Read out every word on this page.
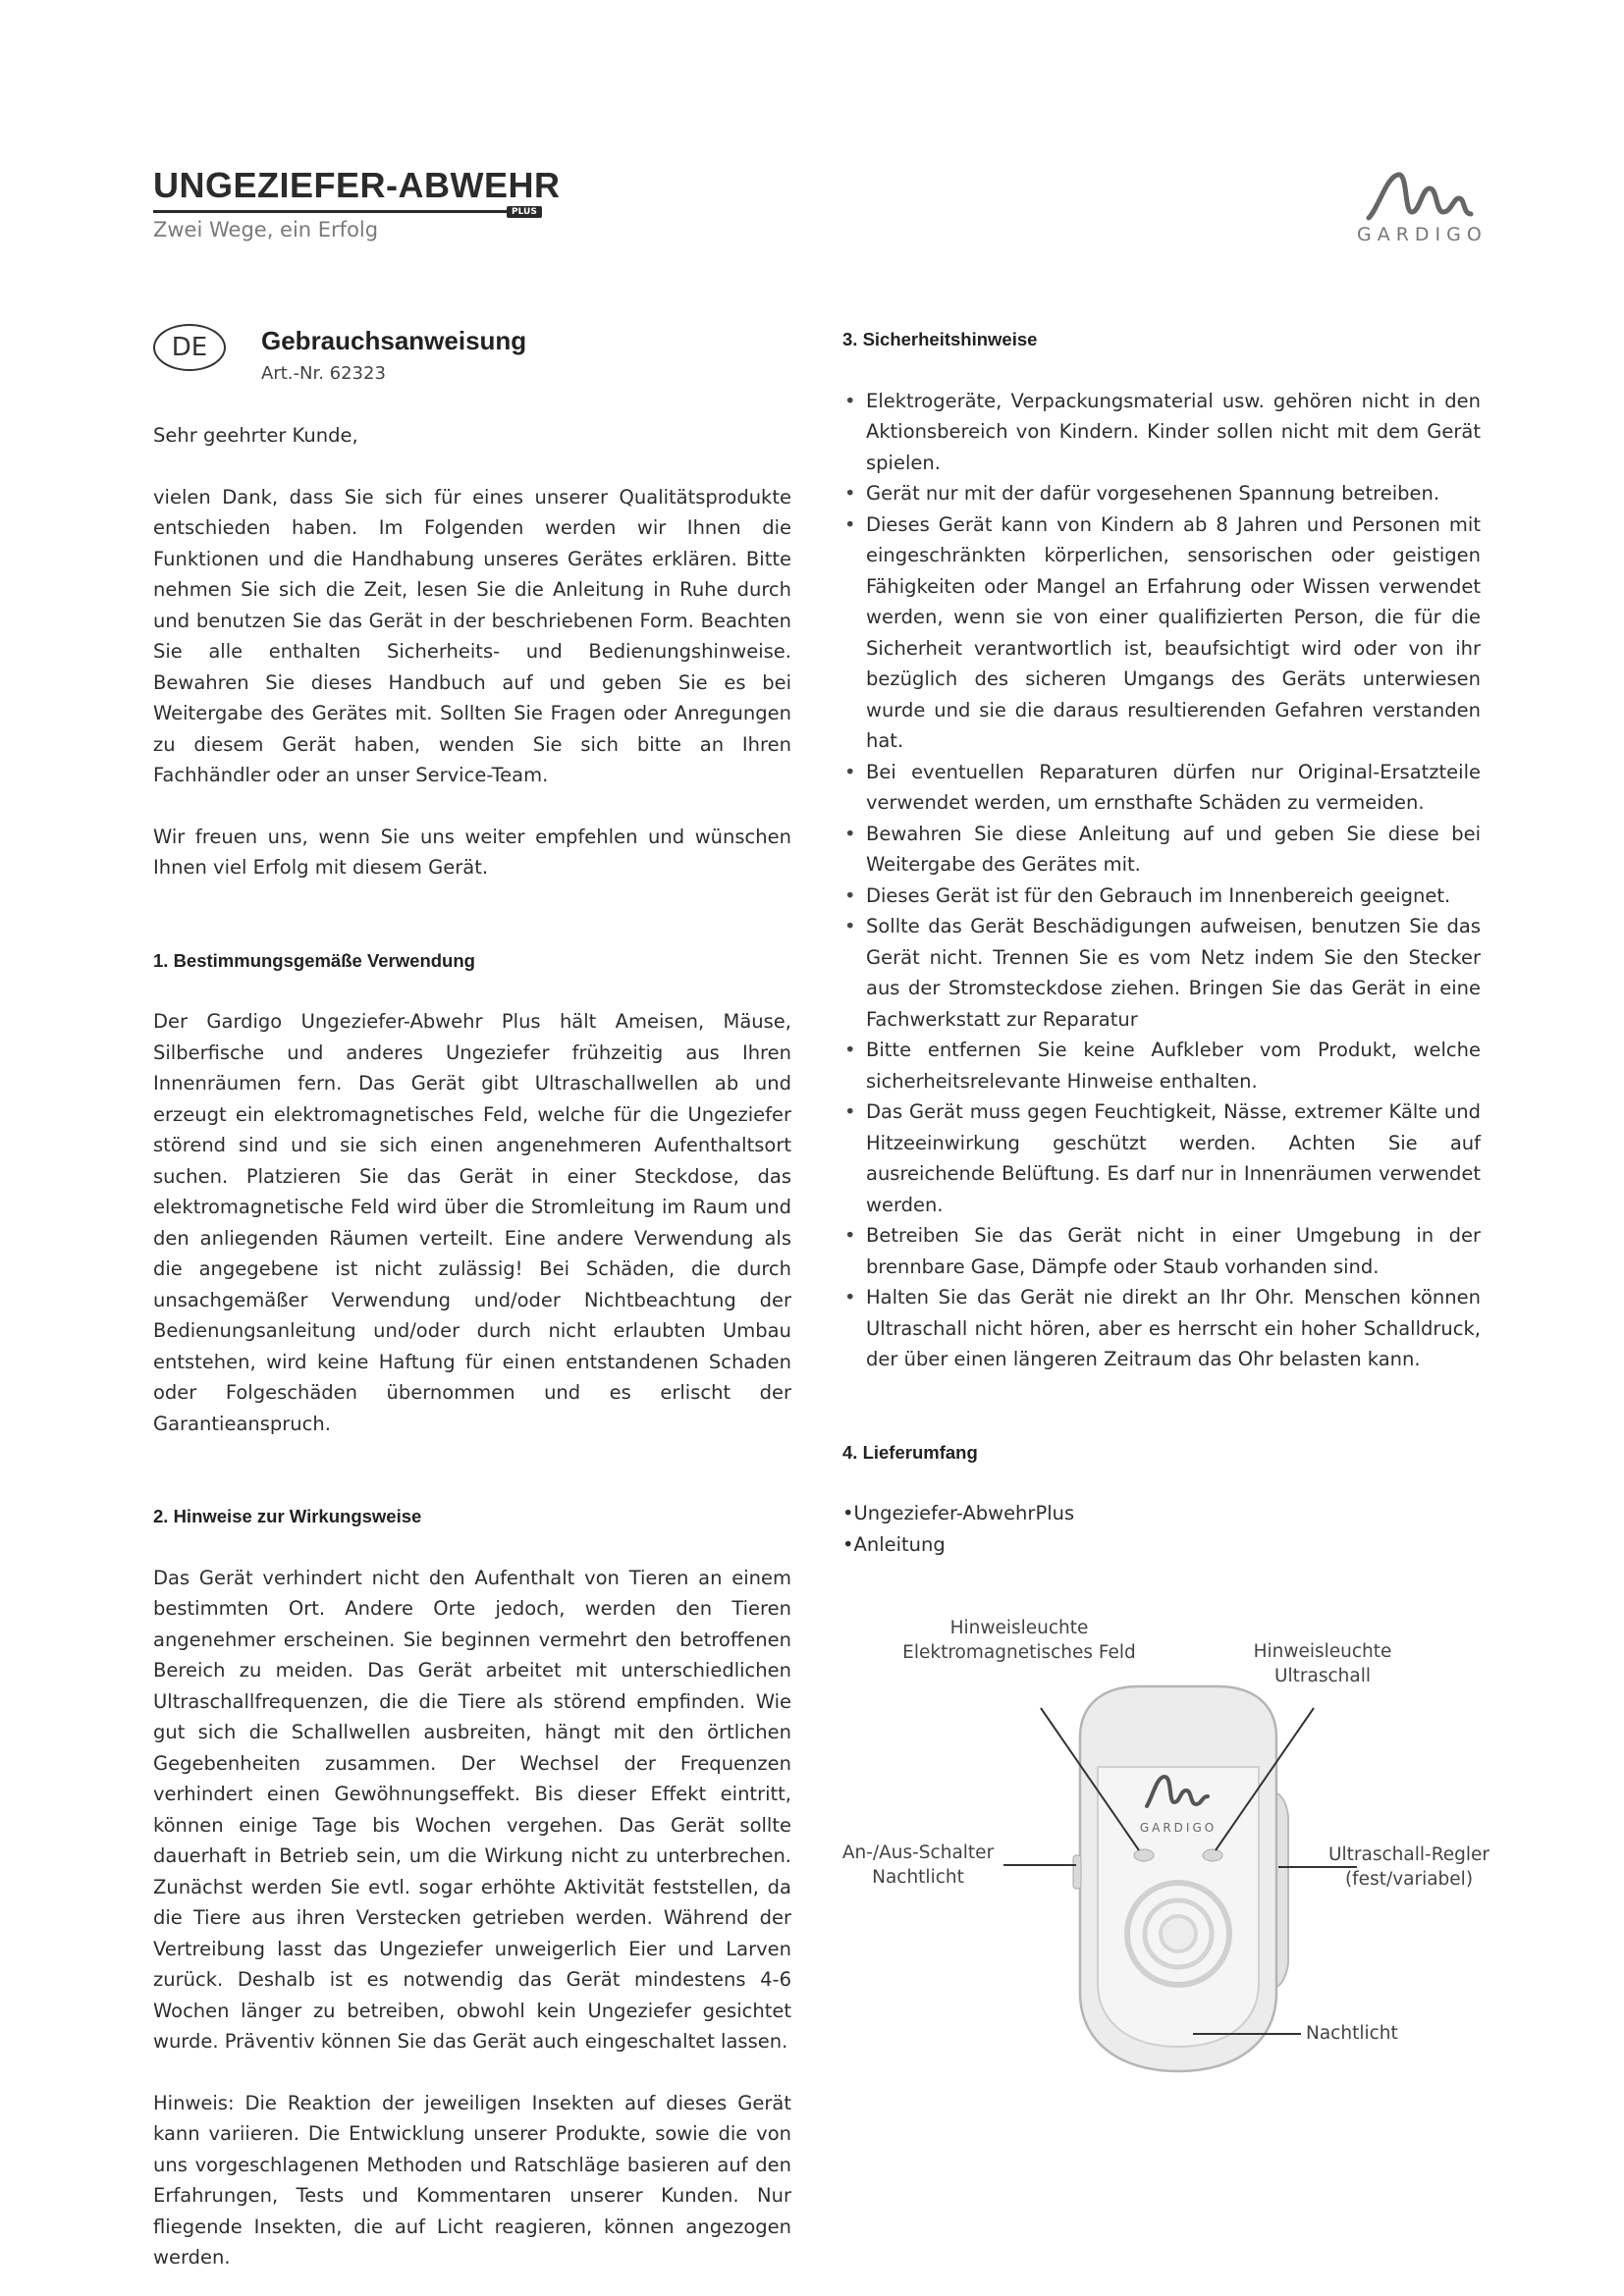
UNGEZIEFER-ABWEHR
PLUS
Zwei Wege, ein Erfolg	GARDIGO
DE	Gebrauchsanweisung
Art.-Nr. 62323

Sehr geehrter Kunde,

vielen Dank, dass Sie sich für eines unserer Qualitätsprodukte entschieden haben. Im Folgenden werden wir Ihnen die Funktionen und die Handhabung unseres Gerätes erklären. Bitte nehmen Sie sich die Zeit, lesen Sie die Anleitung in Ruhe durch und benutzen Sie das Gerät in der beschriebenen Form. Beachten Sie alle enthalten Sicherheits- und Bedienungshinweise. Bewahren Sie dieses Handbuch auf und geben Sie es bei Weitergabe des Gerätes mit. Sollten Sie Fragen oder Anregungen zu diesem Gerät haben, wenden Sie sich bitte an Ihren Fachhändler oder an unser Service-Team.

Wir freuen uns, wenn Sie uns weiter empfehlen und wünschen Ihnen viel Erfolg mit diesem Gerät.

1. Bestimmungsgemäße Verwendung

Der Gardigo Ungeziefer-Abwehr Plus hält Ameisen, Mäuse, Silberfische und anderes Ungeziefer frühzeitig aus Ihren Innenräumen fern. Das Gerät gibt Ultraschallwellen ab und erzeugt ein elektromagnetisches Feld, welche für die Ungeziefer störend sind und sie sich einen angenehmeren Aufenthaltsort suchen. Platzieren Sie das Gerät in einer Steckdose, das elektromagnetische Feld wird über die Stromleitung im Raum und den anliegenden Räumen verteilt. Eine andere Verwendung als die angegebene ist nicht zulässig! Bei Schäden, die durch unsachgemäßer Verwendung und/oder Nichtbeachtung der Bedienungsanleitung und/oder durch nicht erlaubten Umbau entstehen, wird keine Haftung für einen entstandenen Schaden oder Folgeschäden übernommen und es erlischt der Garantieanspruch.

2. Hinweise zur Wirkungsweise

Das Gerät verhindert nicht den Aufenthalt von Tieren an einem bestimmten Ort. Andere Orte jedoch, werden den Tieren angenehmer erscheinen. Sie beginnen vermehrt den betroffenen Bereich zu meiden. Das Gerät arbeitet mit unterschiedlichen Ultraschallfrequenzen, die die Tiere als störend empfinden. Wie gut sich die Schallwellen ausbreiten, hängt mit den örtlichen Gegebenheiten zusammen. Der Wechsel der Frequenzen verhindert einen Gewöhnungseffekt. Bis dieser Effekt eintritt, können einige Tage bis Wochen vergehen. Das Gerät sollte dauerhaft in Betrieb sein, um die Wirkung nicht zu unterbrechen. Zunächst werden Sie evtl. sogar erhöhte Aktivität feststellen, da die Tiere aus ihren Verstecken getrieben werden. Während der Vertreibung lasst das Ungeziefer unweigerlich Eier und Larven zurück. Deshalb ist es notwendig das Gerät mindestens 4-6 Wochen länger zu betreiben, obwohl kein Ungeziefer gesichtet wurde. Präventiv können Sie das Gerät auch eingeschaltet lassen.

Hinweis: Die Reaktion der jeweiligen Insekten auf dieses Gerät kann variieren. Die Entwicklung unserer Produkte, sowie die von uns vorgeschlagenen Methoden und Ratschläge basieren auf den Erfahrungen, Tests und Kommentaren unserer Kunden. Nur fliegende Insekten, die auf Licht reagieren, können angezogen werden.

3. Sicherheitshinweise
• Elektrogeräte, Verpackungsmaterial usw. gehören nicht in den Aktionsbereich von Kindern. Kinder sollen nicht mit dem Gerät spielen.
• Gerät nur mit der dafür vorgesehenen Spannung betreiben.
• Dieses Gerät kann von Kindern ab 8 Jahren und Personen mit eingeschränkten körperlichen, sensorischen oder geistigen Fähigkeiten oder Mangel an Erfahrung oder Wissen verwendet werden, wenn sie von einer qualifizierten Person, die für die Sicherheit verantwortlich ist, beaufsichtigt wird oder von ihr bezüglich des sicheren Umgangs des Geräts unterwiesen wurde und sie die daraus resultierenden Gefahren verstanden hat.
• Bei eventuellen Reparaturen dürfen nur Original-Ersatzteile verwendet werden, um ernsthafte Schäden zu vermeiden.
• Bewahren Sie diese Anleitung auf und geben Sie diese bei Weitergabe des Gerätes mit.
• Dieses Gerät ist für den Gebrauch im Innenbereich geeignet.
• Sollte das Gerät Beschädigungen aufweisen, benutzen Sie das Gerät nicht. Trennen Sie es vom Netz indem Sie den Stecker aus der Stromsteckdose ziehen. Bringen Sie das Gerät in eine Fachwerkstatt zur Reparatur
• Bitte entfernen Sie keine Aufkleber vom Produkt, welche sicherheitsrelevante Hinweise enthalten.
• Das Gerät muss gegen Feuchtigkeit, Nässe, extremer Kälte und Hitzeeinwirkung geschützt werden. Achten Sie auf ausreichende Belüftung. Es darf nur in Innenräumen verwendet werden.
• Betreiben Sie das Gerät nicht in einer Umgebung in der brennbare Gase, Dämpfe oder Staub vorhanden sind.
• Halten Sie das Gerät nie direkt an Ihr Ohr. Menschen können Ultraschall nicht hören, aber es herrscht ein hoher Schalldruck, der über einen längeren Zeitraum das Ohr belasten kann.
4. Lieferumfang
•Ungeziefer-AbwehrPlus
•Anleitung
Hinweisleuchte Elektromagnetisches Feld	Hinweisleuchte Ultraschall
An-/Aus-Schalter Nachtlicht
Ultraschall-Regler (fest/variabel)
Nachtlicht
GARDIGO
